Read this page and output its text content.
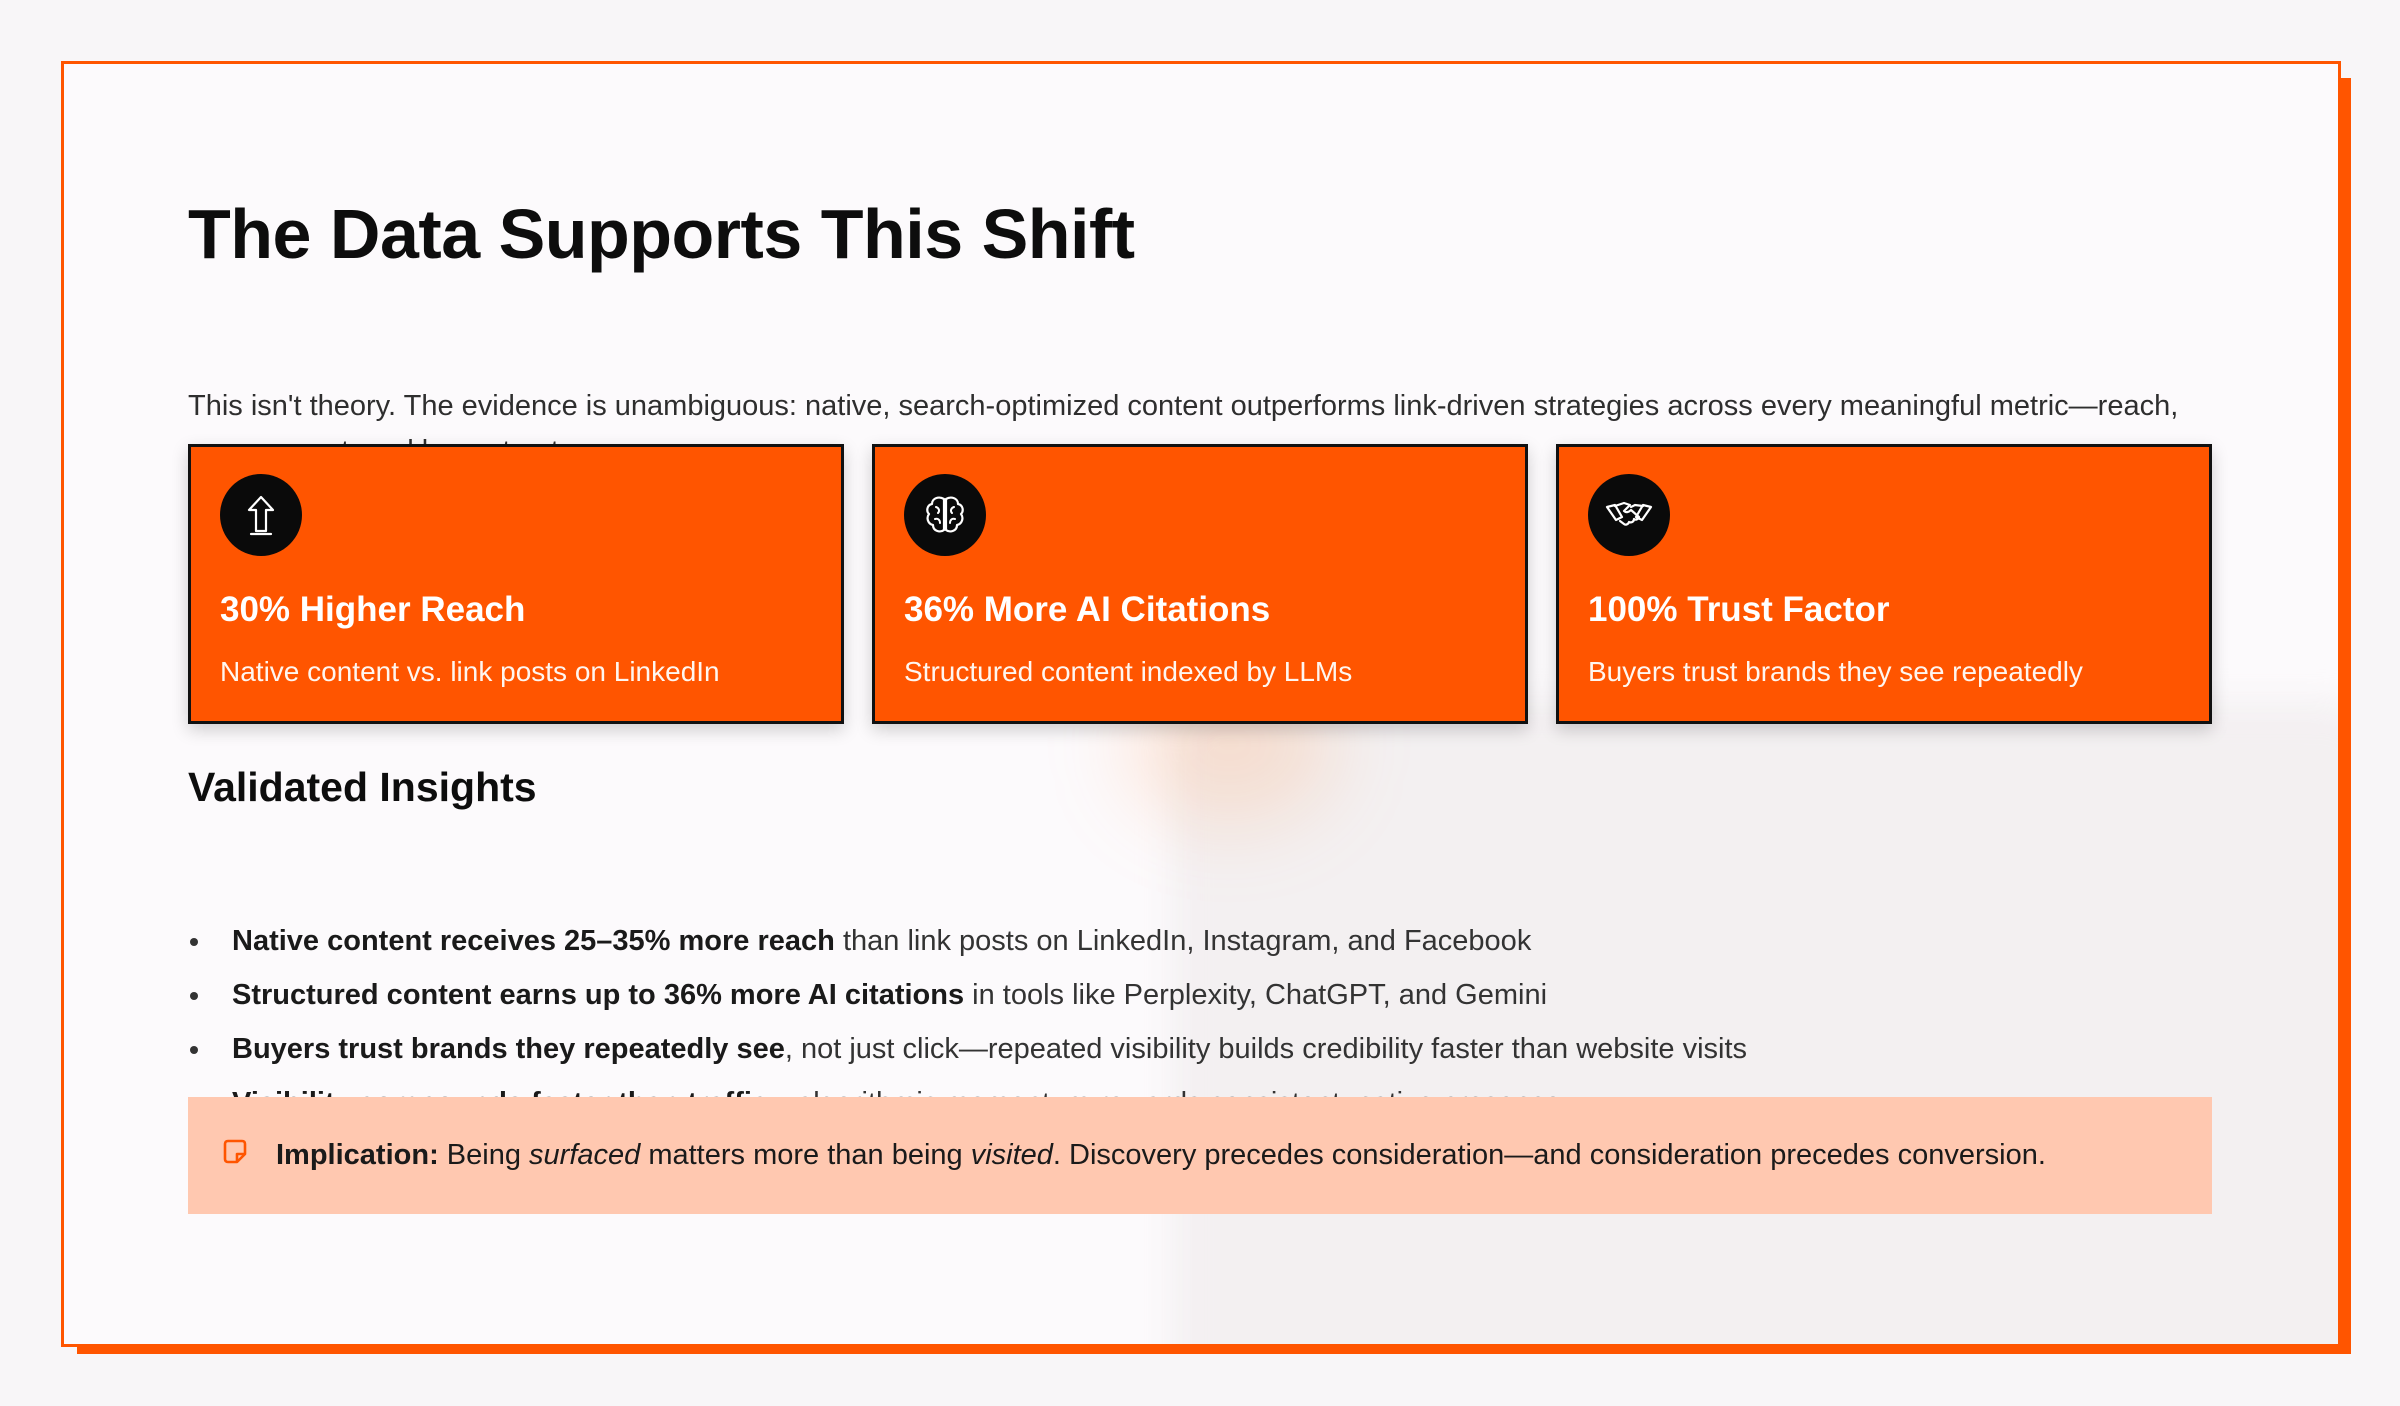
The Data Supports This Shift

This isn't theory. The evidence is unambiguous: native, search-optimized content outperforms link-driven strategies across every meaningful metric—reach,

30% Higher Reach
Native content vs. link posts on LinkedIn
36% More AI Citations
Structured content indexed by LLMs
100% Trust Factor
Buyers trust brands they see repeatedly
Validated Insights
Native content receives 25–35% more reach than link posts on LinkedIn, Instagram, and Facebook
Structured content earns up to 36% more AI citations in tools like Perplexity, ChatGPT, and Gemini
Buyers trust brands they repeatedly see, not just click—repeated visibility builds credibility faster than website visits

Implication: Being surfaced matters more than being visited. Discovery precedes consideration—and consideration precedes conversion.
